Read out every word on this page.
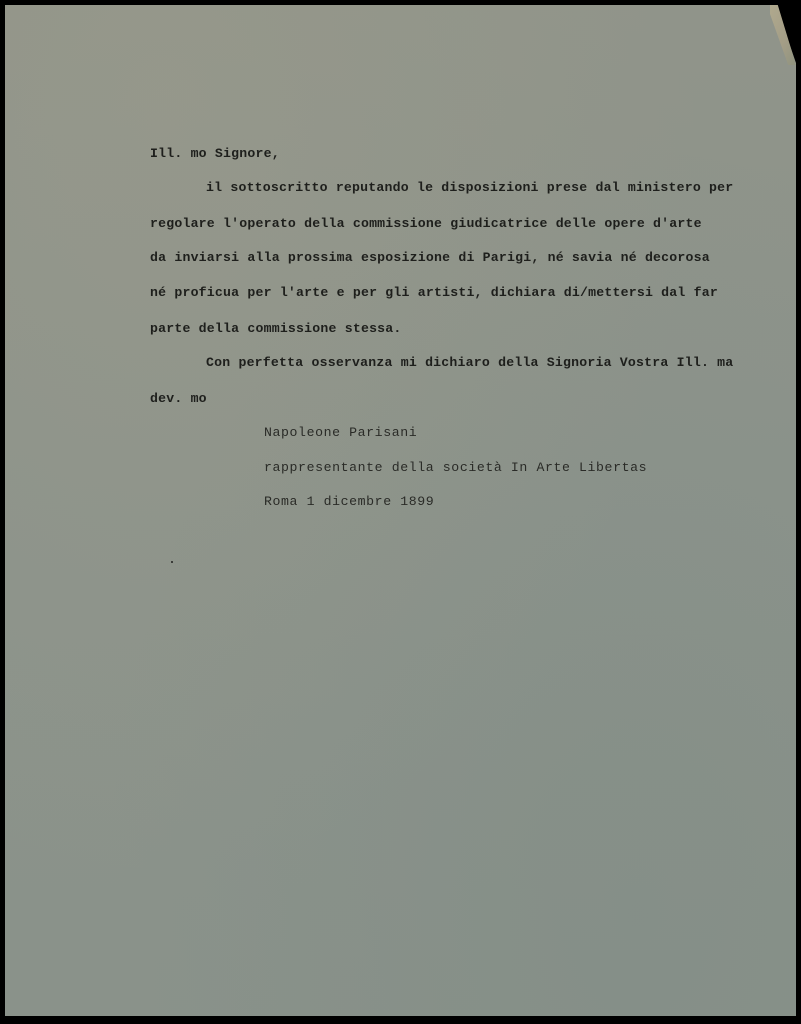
Ill. mo Signore,
il sottoscritto reputando le disposizioni prese dal ministero per
regolare l'operato della commissione giudicatrice delle opere d'arte
da inviarsi alla prossima esposizione di Parigi, né savia né decorosa
né proficua per l'arte e per gli artisti, dichiara di/mettersi dal far
parte della commissione stessa.
Con perfetta osservanza mi dichiaro della Signoria Vostra Ill. ma
dev. mo
Napoleone Parisani
rappresentante della società In Arte Libertas
Roma 1 dicembre 1899
